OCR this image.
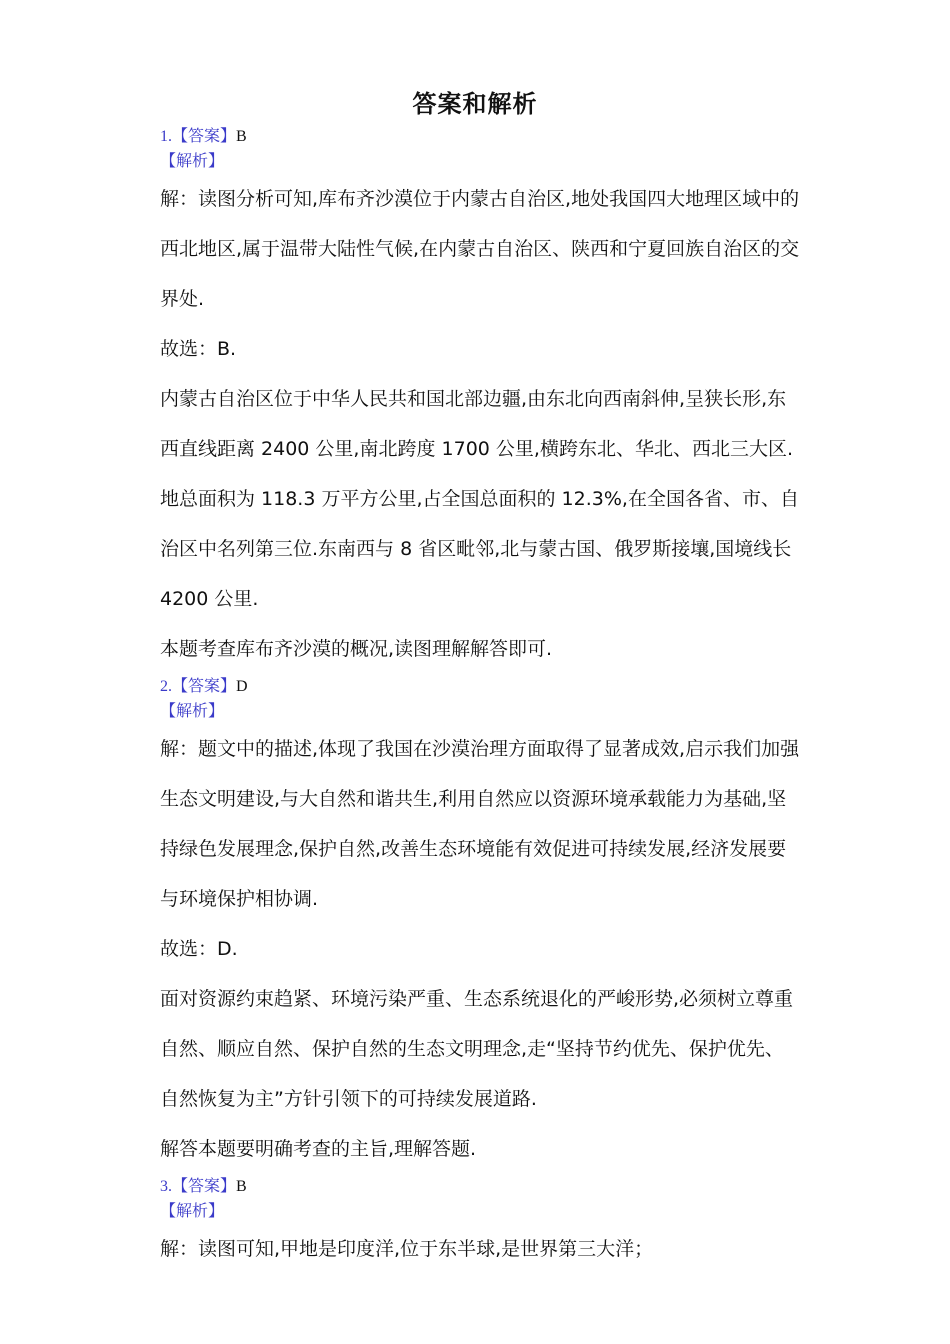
答案和解析
1.【答案】B
【解析】

解：读图分析可知,库布齐沙漠位于内蒙古自治区,地处我国四大地理区域中的西北地区,属于温带大陆性气候,在内蒙古自治区、陕西和宁夏回族自治区的交界处.

故选：B.

内蒙古自治区位于中华人民共和国北部边疆,由东北向西南斜伸,呈狭长形,东西直线距离 2400 公里,南北跨度 1700 公里,横跨东北、华北、西北三大区.地总面积为 118.3 万平方公里,占全国总面积的 12.3%,在全国各省、市、自治区中名列第三位.东南西与 8 省区毗邻,北与蒙古国、俄罗斯接壤,国境线长 4200 公里.

本题考查库布齐沙漠的概况,读图理解解答即可.

2.【答案】D
【解析】

解：题文中的描述,体现了我国在沙漠治理方面取得了显著成效,启示我们加强生态文明建设,与大自然和谐共生,利用自然应以资源环境承载能力为基础,坚持绿色发展理念,保护自然,改善生态环境能有效促进可持续发展,经济发展要与环境保护相协调.

故选：D.

面对资源约束趋紧、环境污染严重、生态系统退化的严峻形势,必须树立尊重自然、顺应自然、保护自然的生态文明理念,走“坚持节约优先、保护优先、自然恢复为主”方针引领下的可持续发展道路.

解答本题要明确考查的主旨,理解答题.

3.【答案】B
【解析】

解：读图可知,甲地是印度洋,位于东半球,是世界第三大洋；
